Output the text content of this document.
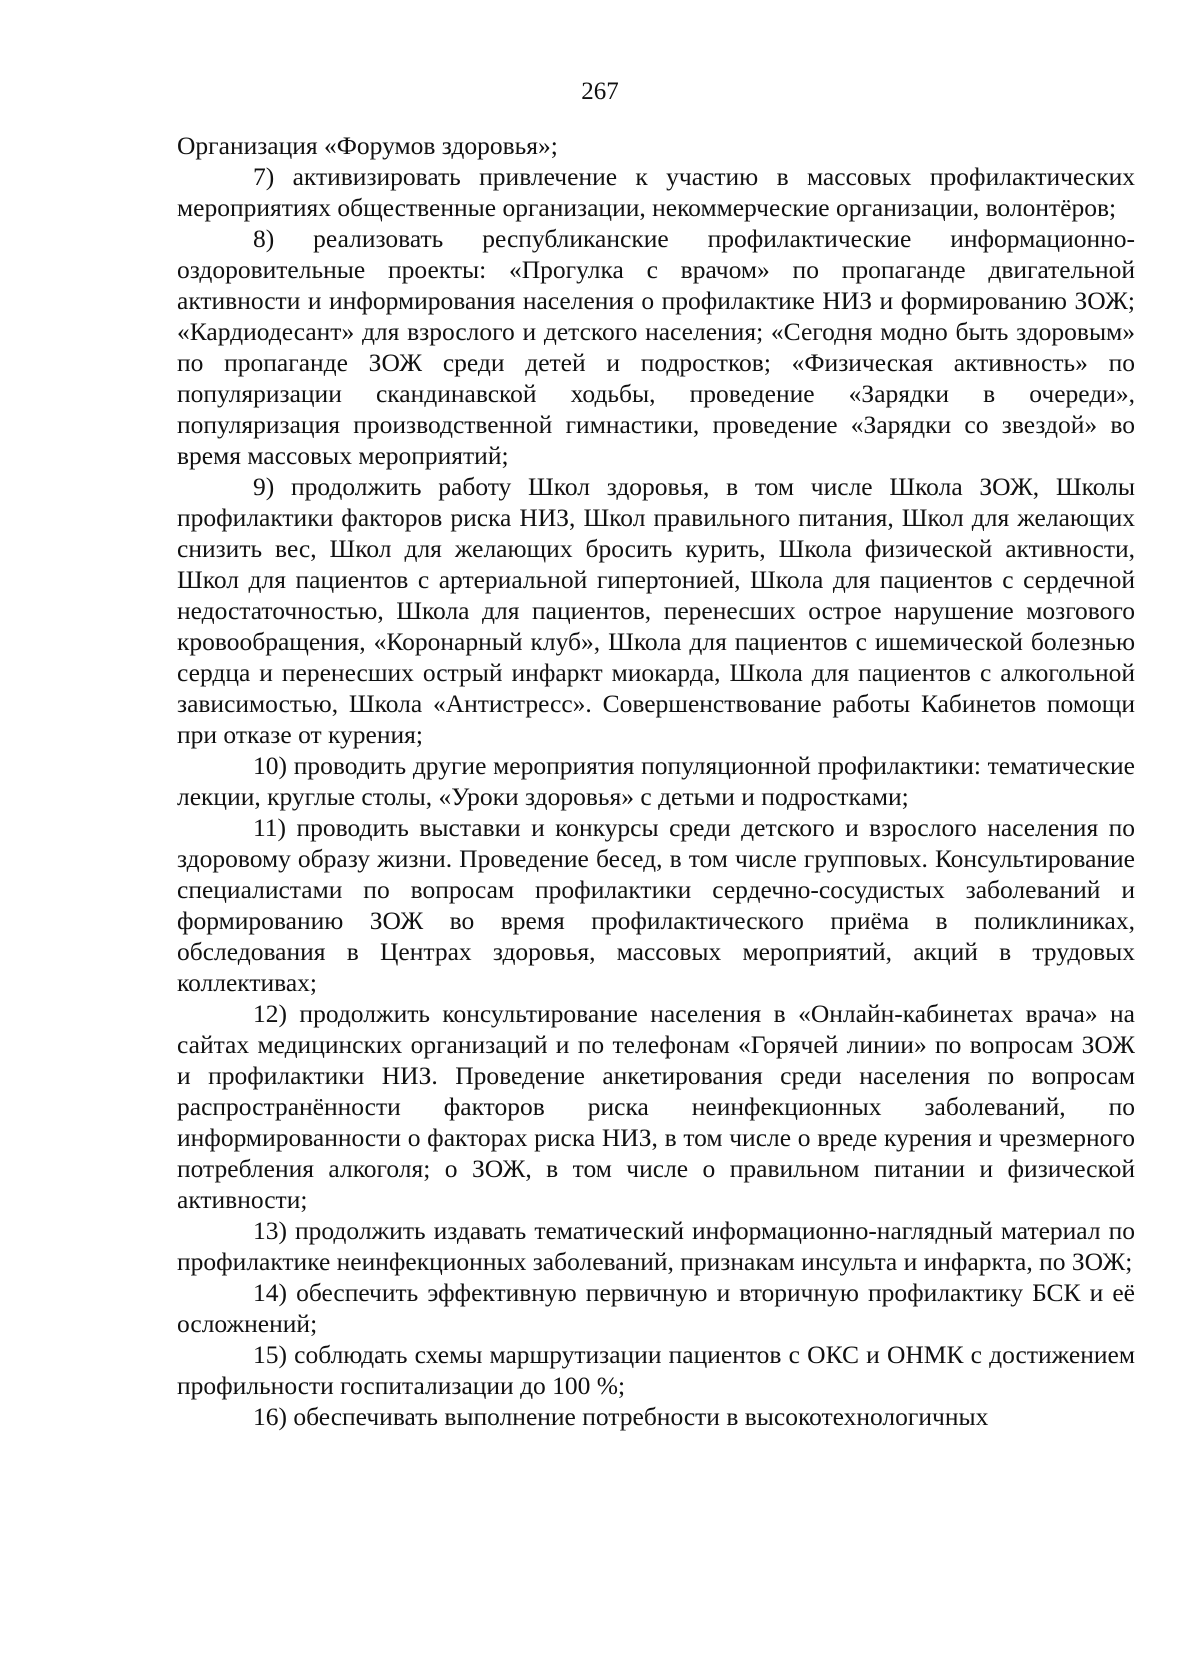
267

Организация «Форумов здоровья»;

7) активизировать привлечение к участию в массовых профилактических мероприятиях общественные организации, некоммерческие организации, волонтёров;

8) реализовать республиканские профилактические информационно-оздоровительные проекты: «Прогулка с врачом» по пропаганде двигательной активности и информирования населения о профилактике НИЗ и формированию ЗОЖ; «Кардиодесант» для взрослого и детского населения; «Сегодня модно быть здоровым» по пропаганде ЗОЖ среди детей и подростков; «Физическая активность» по популяризации скандинавской ходьбы, проведение «Зарядки в очереди», популяризация производственной гимнастики, проведение «Зарядки со звездой» во время массовых мероприятий;

9) продолжить работу Школ здоровья, в том числе Школа ЗОЖ, Школы профилактики факторов риска НИЗ, Школ правильного питания, Школ для желающих снизить вес, Школ для желающих бросить курить, Школа физической активности, Школ для пациентов с артериальной гипертонией, Школа для пациентов с сердечной недостаточностью, Школа для пациентов, перенесших острое нарушение мозгового кровообращения, «Коронарный клуб», Школа для пациентов с ишемической болезнью сердца и перенесших острый инфаркт миокарда, Школа для пациентов с алкогольной зависимостью, Школа «Антистресс». Совершенствование работы Кабинетов помощи при отказе от курения;

10) проводить другие мероприятия популяционной профилактики: тематические лекции, круглые столы, «Уроки здоровья» с детьми и подростками;

11) проводить выставки и конкурсы среди детского и взрослого населения по здоровому образу жизни. Проведение бесед, в том числе групповых. Консультирование специалистами по вопросам профилактики сердечно-сосудистых заболеваний и формированию ЗОЖ во время профилактического приёма в поликлиниках, обследования в Центрах здоровья, массовых мероприятий, акций в трудовых коллективах;

12) продолжить консультирование населения в «Онлайн-кабинетах врача» на сайтах медицинских организаций и по телефонам «Горячей линии» по вопросам ЗОЖ и профилактики НИЗ. Проведение анкетирования среди населения по вопросам распространённости факторов риска неинфекционных заболеваний, по информированности о факторах риска НИЗ, в том числе о вреде курения и чрезмерного потребления алкоголя; о ЗОЖ, в том числе о правильном питании и физической активности;

13) продолжить издавать тематический информационно-наглядный материал по профилактике неинфекционных заболеваний, признакам инсульта и инфаркта, по ЗОЖ;

14) обеспечить эффективную первичную и вторичную профилактику БСК и её осложнений;

15) соблюдать схемы маршрутизации пациентов с ОКС и ОНМК с достижением профильности госпитализации до 100 %;

16) обеспечивать выполнение потребности в высокотехнологичных
